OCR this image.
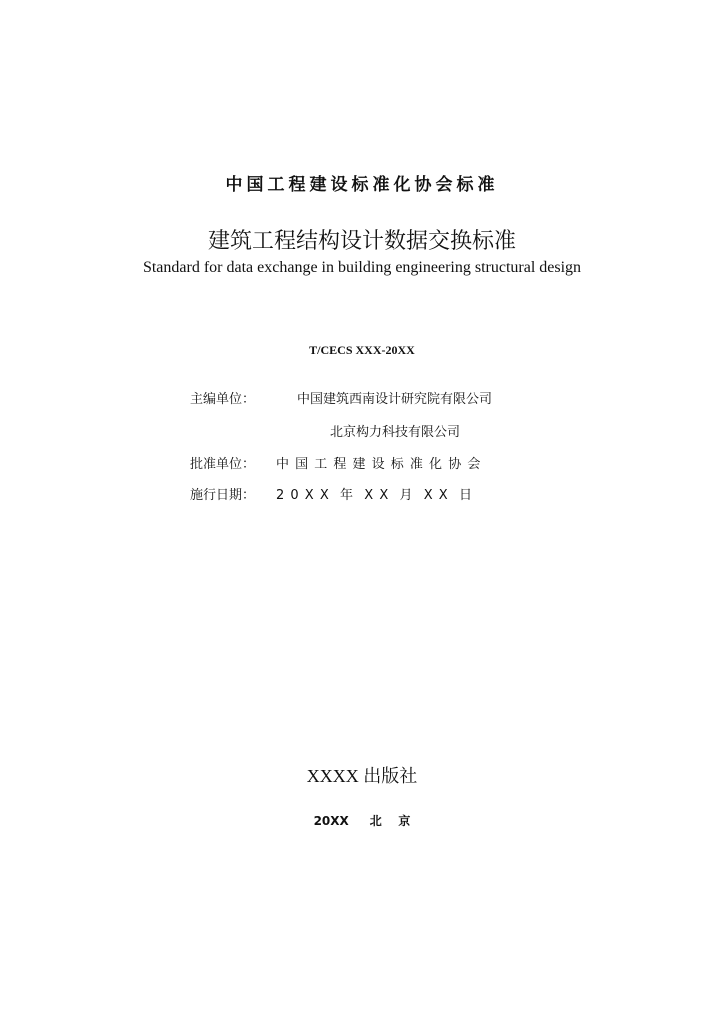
中国工程建设标准化协会标准
建筑工程结构设计数据交换标准
Standard for data exchange in building engineering structural design
T/CECS XXX-20XX
主编单位：	中国建筑西南设计研究院有限公司
北京构力科技有限公司
批准单位： 中 国 工 程 建 设 标 准 化 协 会
施行日期： 2 0 X X  年  X X  月  X X  日
XXXX 出版社
20XX 北    京
